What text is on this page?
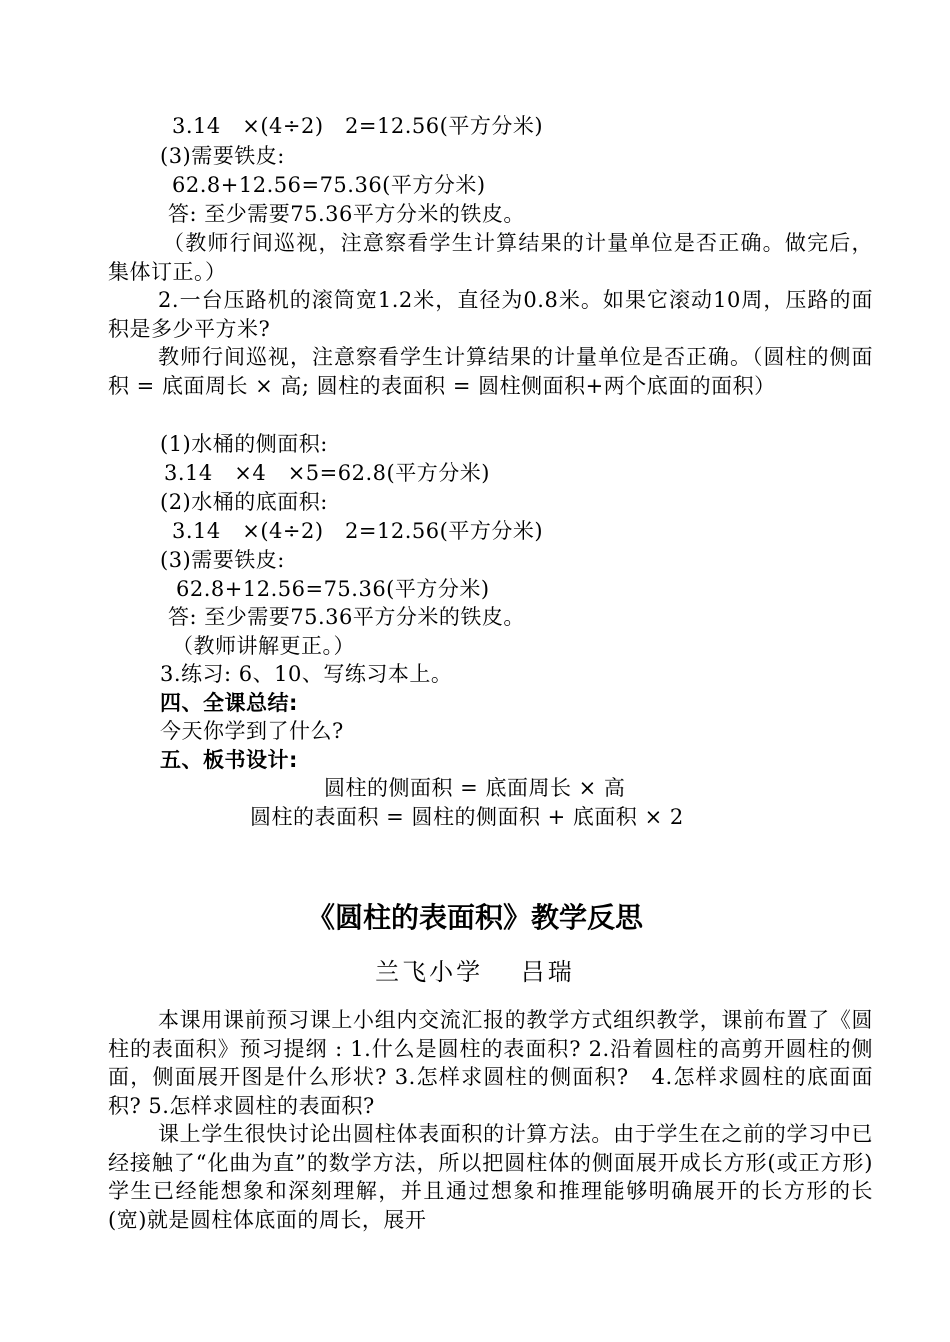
3.14　×(4÷2)　2=12.56(平方分米)
(3)需要铁皮:
62.8+12.56=75.36(平方分米)
答: 至少需要75.36平方分米的铁皮。
（教师行间巡视，注意察看学生计算结果的计量单位是否正确。做完后， 集体订正。）
2.一台压路机的滚筒宽1.2米，直径为0.8米。如果它滚动10周，压路的面积是多少平方米?
教师行间巡视，注意察看学生计算结果的计量单位是否正确。（圆柱的侧面积 = 底面周长 × 高; 圆柱的表面积 = 圆柱侧面积+两个底面的面积）
(1)水桶的侧面积:
3.14　×4　×5=62.8(平方分米)
(2)水桶的底面积:
3.14　×(4÷2)　2=12.56(平方分米)
(3)需要铁皮:
62.8+12.56=75.36(平方分米)
答: 至少需要75.36平方分米的铁皮。
（教师讲解更正。）
3.练习: 6、10、写练习本上。
四、全课总结:
今天你学到了什么?
五、板书设计:
圆柱的侧面积 = 底面周长 × 高
圆柱的表面积 = 圆柱的侧面积 + 底面积 × 2
《圆柱的表面积》教学反思
兰飞小学　 吕瑞
本课用课前预习课上小组内交流汇报的教学方式组织教学，课前布置了《圆柱的表面积》预习提纲 : 1.什么是圆柱的表面积? 2.沿着圆柱的高剪开圆柱的侧面，侧面展开图是什么形状? 3.怎样求圆柱的侧面积?　4.怎样求圆柱的底面面积? 5.怎样求圆柱的表面积?
课上学生很快讨论出圆柱体表面积的计算方法。由于学生在之前的学习中已经接触了“化曲为直”的数学方法，所以把圆柱体的侧面展开成长方形(或正方形)学生已经能想象和深刻理解，并且通过想象和推理能够明确展开的长方形的长(宽)就是圆柱体底面的周长，展开
